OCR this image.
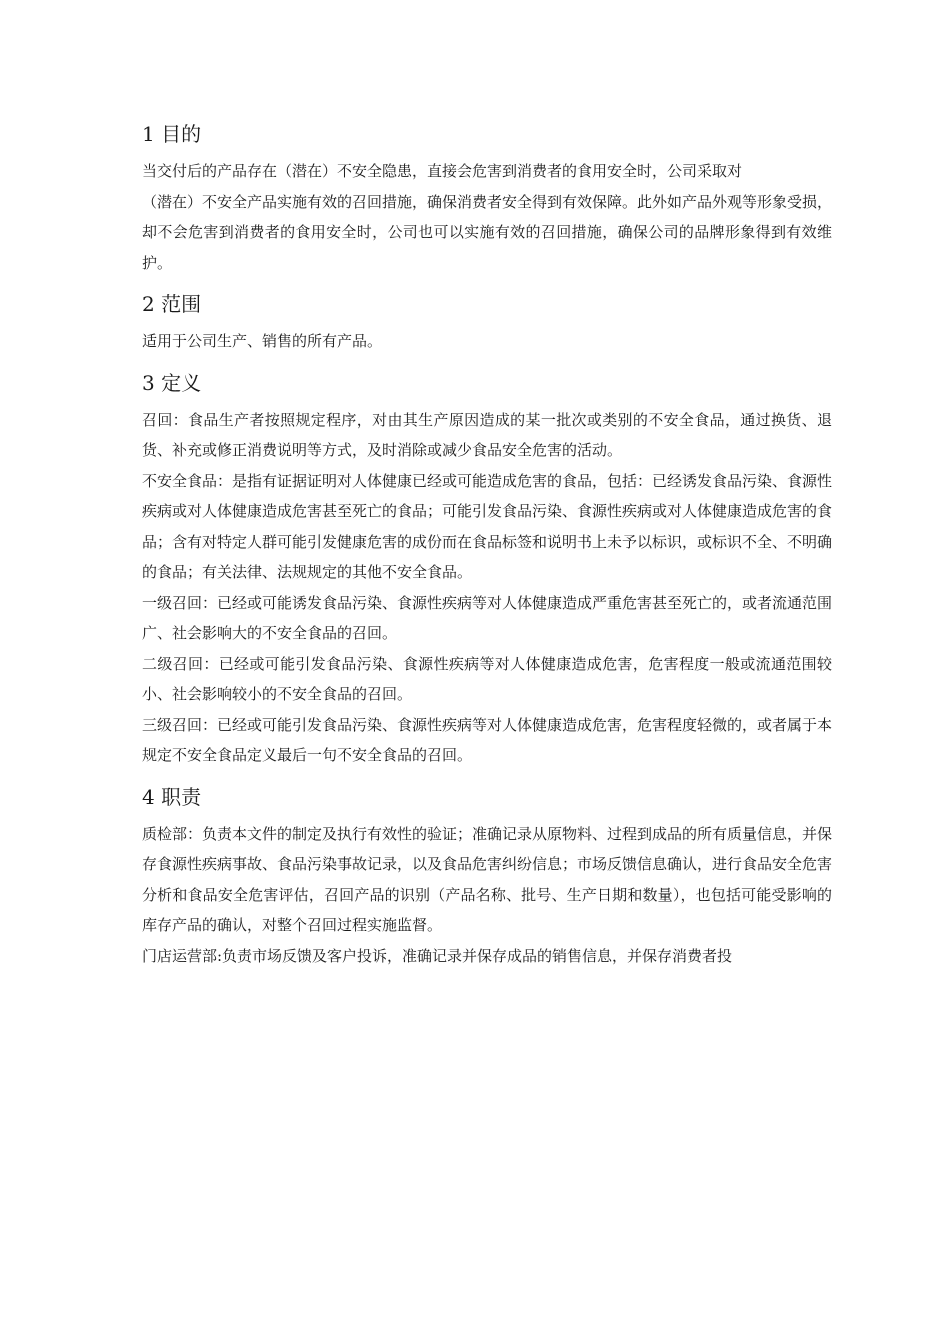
1 目的

当交付后的产品存在（潜在）不安全隐患，直接会危害到消费者的食用安全时，公司采取对

（潜在）不安全产品实施有效的召回措施，确保消费者安全得到有效保障。此外如产品外观等形象受损，却不会危害到消费者的食用安全时，公司也可以实施有效的召回措施，确保公司的品牌形象得到有效维护。

2 范围

适用于公司生产、销售的所有产品。

3 定义

召回：食品生产者按照规定程序，对由其生产原因造成的某一批次或类别的不安全食品，通过换货、退货、补充或修正消费说明等方式，及时消除或减少食品安全危害的活动。

不安全食品：是指有证据证明对人体健康已经或可能造成危害的食品，包括：已经诱发食品污染、食源性疾病或对人体健康造成危害甚至死亡的食品；可能引发食品污染、食源性疾病或对人体健康造成危害的食品；含有对特定人群可能引发健康危害的成份而在食品标签和说明书上未予以标识，或标识不全、不明确的食品；有关法律、法规规定的其他不安全食品。

一级召回：已经或可能诱发食品污染、食源性疾病等对人体健康造成严重危害甚至死亡的，或者流通范围广、社会影响大的不安全食品的召回。

二级召回：已经或可能引发食品污染、食源性疾病等对人体健康造成危害，危害程度一般或流通范围较小、社会影响较小的不安全食品的召回。

三级召回：已经或可能引发食品污染、食源性疾病等对人体健康造成危害，危害程度轻微的，或者属于本规定不安全食品定义最后一句不安全食品的召回。

4 职责

质检部：负责本文件的制定及执行有效性的验证；准确记录从原物料、过程到成品的所有质量信息，并保存食源性疾病事故、食品污染事故记录，以及食品危害纠纷信息；市场反馈信息确认，进行食品安全危害分析和食品安全危害评估，召回产品的识别（产品名称、批号、生产日期和数量），也包括可能受影响的库存产品的确认，对整个召回过程实施监督。

门店运营部:负责市场反馈及客户投诉，准确记录并保存成品的销售信息，并保存消费者投
